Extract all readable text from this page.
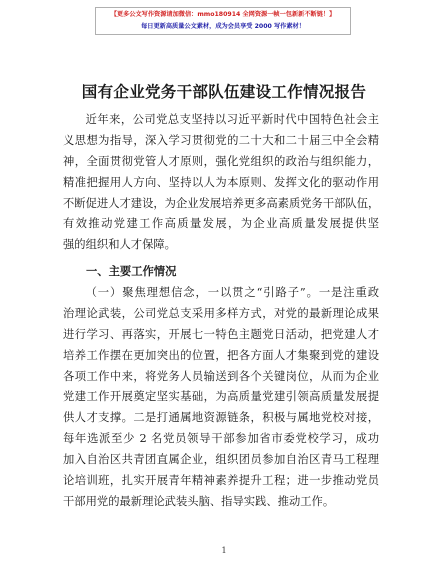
【更多公文写作资源请加微信：mmo180914 全网资源一帧一包新新不断链！】
每日更新高质量公文素材，成为会员享受 2000 写作素材！
国有企业党务干部队伍建设工作情况报告
近年来，公司党总支坚持以习近平新时代中国特色社会主
义思想为指导，深入学习贯彻党的二十大和二十届三中全会精
神，全面贯彻党管人才原则，强化党组织的政治与组织能力，
精准把握用人方向、坚持以人为本原则、发挥文化的驱动作用
不断促进人才建设，为企业发展培养更多高素质党务干部队伍，
有效推动党建工作高质量发展，为企业高质量发展提供坚
强的组织和人才保障。
一、主要工作情况
（一）聚焦理想信念，一以贯之“引路子”。一是注重政
治理论武装，公司党总支采用多样方式，对党的最新理论成果
进行学习、再落实，开展七一特色主题党日活动，把党建人才
培养工作摆在更加突出的位置，把各方面人才集聚到党的建设
各项工作中来，将党务人员输送到各个关键岗位，从而为企业
党建工作开展奠定坚实基础，为高质量党建引领高质量发展提
供人才支撑。二是打通属地资源链条，积极与属地党校对接，
每年选派至少 2 名党员领导干部参加省市委党校学习，成功
加入自治区共青团直属企业，组织团员参加自治区青马工程理
论培训班，扎实开展青年精神素养提升工程；进一步推动党员
干部用党的最新理论武装头脑、指导实践、推动工作。
1
